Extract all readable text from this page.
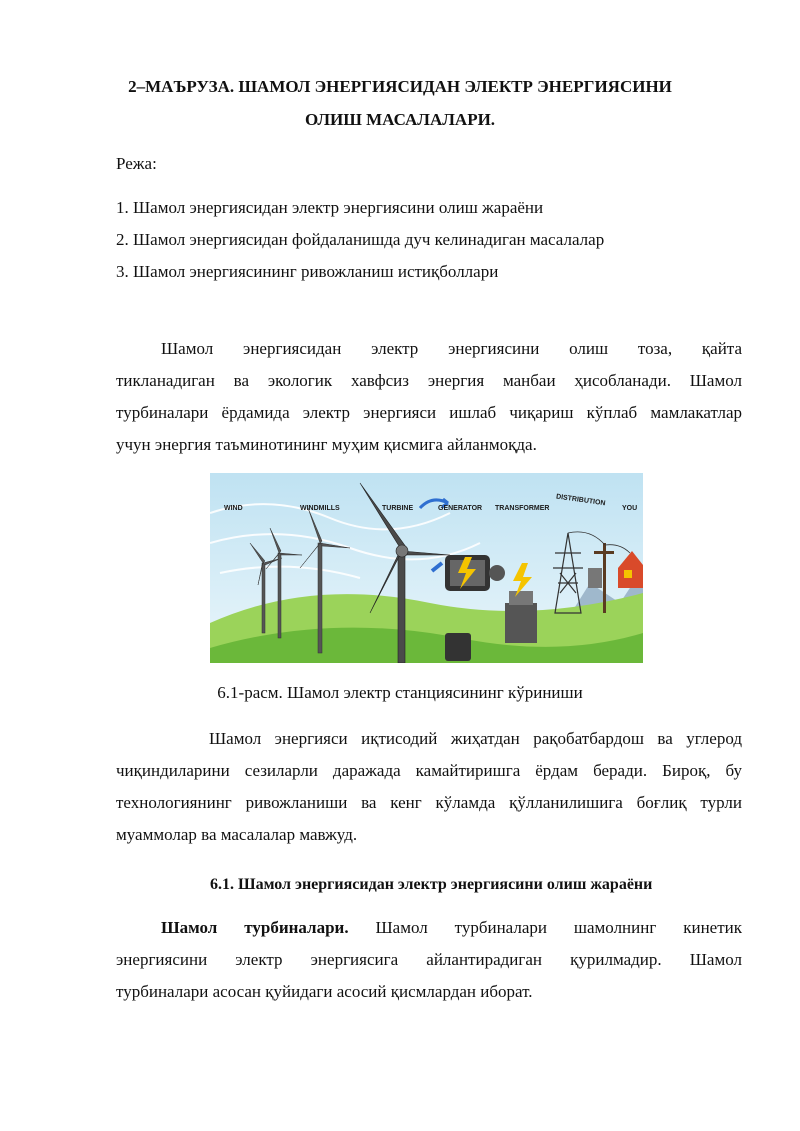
2–МАЪРУЗА. ШАМОЛ ЭНЕРГИЯСИДАН ЭЛЕКТР ЭНЕРГИЯСИНИ
ОЛИШ МАСАЛАЛАРИ.
Режа:
1. Шамол энергиясидан электр энергиясини олиш жараёни
2. Шамол энергиясидан фойдаланишда дуч келинадиган масалалар
3. Шамол энергиясининг ривожланиш истиқболлари
Шамол энергиясидан электр энергиясини олиш тоза, қайта
тикланадиган ва экологик хавфсиз энергия манбаи ҳисобланади. Шамол
турбиналари ёрдамида электр энергияси ишлаб чиқариш кўплаб мамлакатлар
учун энергия таъминотининг муҳим қисмига айланмоқда.
WIND	WINDMILLS	TURBINE	GENERATOR TRANSFORMER
DISTRIBUTION
YOU
6.1-расм. Шамол электр станциясининг кўриниши
Шамол энергияси иқтисодий жиҳатдан рақобатбардош ва углерод
чиқиндиларини сезиларли даражада камайтиришга ёрдам беради. Бироқ, бу
технологиянинг ривожланиши ва кенг кўламда қўлланилишига боғлиқ турли
муаммолар ва масалалар мавжуд.
6.1. Шамол энергиясидан электр энергиясини олиш жараёни
Шамол турбиналари. Шамол турбиналари шамолнинг кинетик
энергиясини электр энергиясига айлантирадиган қурилмадир. Шамол
турбиналари асосан қуйидаги асосий қисмлардан иборат.
